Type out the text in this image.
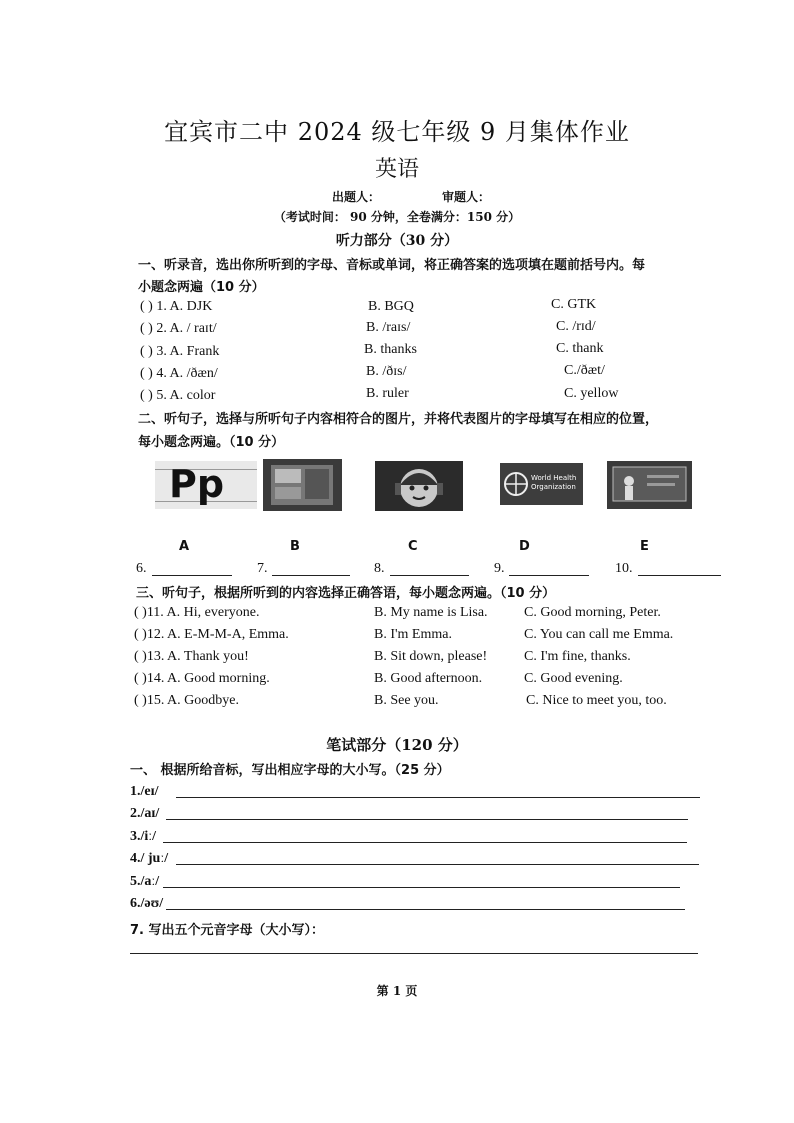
宜宾市二中 2024 级七年级 9 月集体作业
英语
出题人：	审题人：
（考试时间： 90 分钟，全卷满分：150 分）
听力部分（30 分）
一、听录音，选出你所听到的字母、音标或单词，将正确答案的选项填在题前括号内。每
小题念两遍（10 分）
( ) 1. A. DJK	B. BGQ	C. GTK
( ) 2. A. / raɪt/	B. /raɪs/	C. /rɪd/
( ) 3. A. Frank	B. thanks	C. thank
( ) 4. A. /ðæn/	B. /ðɪs/	C./ðæt/
( ) 5. A. color	B. ruler	C. yellow
二、听句子，选择与所听句子内容相符合的图片，并将代表图片的字母填写在相应的位置，
每小题念两遍。（10 分）
Pp	World Health Organization
A	B	C	D	E
6.	7.	8.	9.	10.
三、听句子，根据所听到的内容选择正确答语，每小题念两遍。（10 分）
( )11. A. Hi, everyone.	B. My name is Lisa.	C. Good morning, Peter.
( )12. A. E-M-M-A, Emma.	B. I'm Emma.	C. You can call me Emma.
( )13. A. Thank you!	B. Sit down, please!	C. I'm fine, thanks.
( )14. A. Good morning.	B. Good afternoon.	C. Good evening.
( )15. A. Goodbye.	B. See you.	C. Nice to meet you, too.
笔试部分（120 分）
一、 根据所给音标，写出相应字母的大小写。（25 分）
1./eɪ/
2./aɪ/
3./iː/
4./ juː/
5./aː/
6./əʊ/
7. 写出五个元音字母（大小写）：
第 1 页
